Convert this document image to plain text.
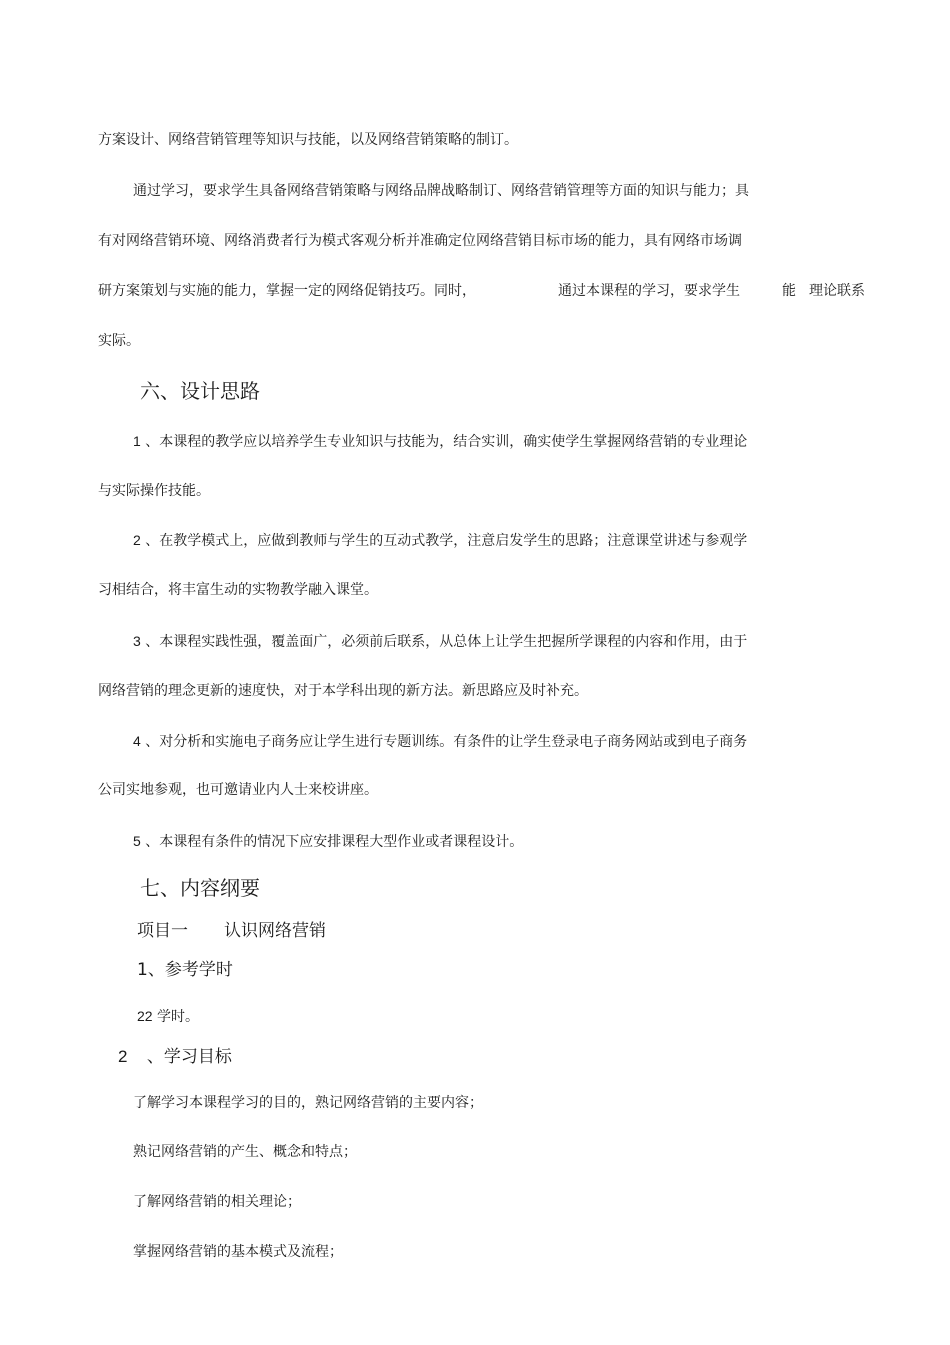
方案设计、网络营销管理等知识与技能，以及网络营销策略的制订。
通过学习，要求学生具备网络营销策略与网络品牌战略制订、网络营销管理等方面的知识与能力；具
有对网络营销环境、网络消费者行为模式客观分析并准确定位网络营销目标市场的能力，具有网络市场调
研方案策划与实施的能力，掌握一定的网络促销技巧。同时，	通过本课程的学习，要求学生	能 理论联系
实际。
六、设计思路
1 、本课程的教学应以培养学生专业知识与技能为，结合实训，确实使学生掌握网络营销的专业理论
与实际操作技能。
2 、在教学模式上，应做到教师与学生的互动式教学，注意启发学生的思路；注意课堂讲述与参观学
习相结合，将丰富生动的实物教学融入课堂。
3 、本课程实践性强，覆盖面广，必须前后联系，从总体上让学生把握所学课程的内容和作用，由于
网络营销的理念更新的速度快，对于本学科出现的新方法。新思路应及时补充。
4 、对分析和实施电子商务应让学生进行专题训练。有条件的让学生登录电子商务网站或到电子商务
公司实地参观，也可邀请业内人士来校讲座。
5 、本课程有条件的情况下应安排课程大型作业或者课程设计。
七、内容纲要
项目一 认识网络营销
1、参考学时
22 学时。
2 、学习目标
了解学习本课程学习的目的，熟记网络营销的主要内容；
熟记网络营销的产生、概念和特点；
了解网络营销的相关理论；
掌握网络营销的基本模式及流程；
